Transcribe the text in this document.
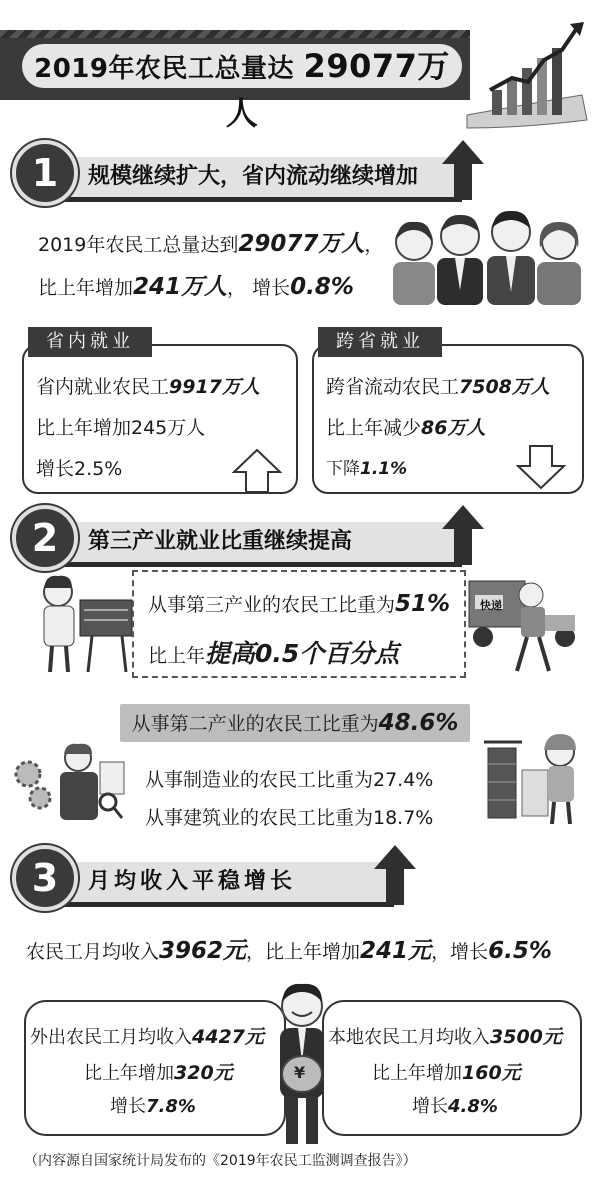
2019年农民工总量达 29077万人
规模继续扩大，省内流动继续增加
1
2019年农民工总量达到29077万人，
比上年增加241万人， 增长0.8%
省内就业
省内就业农民工9917万人
比上年增加245万人
增长2.5%
跨省就业
跨省流动农民工7508万人
比上年减少86万人
下降1.1%
第三产业就业比重继续提高
2
从事第三产业的农民工比重为51%
比上年提高0.5个百分点
快递
从事第二产业的农民工比重为48.6%
从事制造业的农民工比重为27.4%
从事建筑业的农民工比重为18.7%
月均收入平稳增长
3
农民工月均收入3962元，比上年增加241元，增长6.5%
外出农民工月均收入4427元
比上年增加320元
增长7.8%
本地农民工月均收入3500元
比上年增加160元
增长4.8%
¥
（内容源自国家统计局发布的《2019年农民工监测调查报告》）
